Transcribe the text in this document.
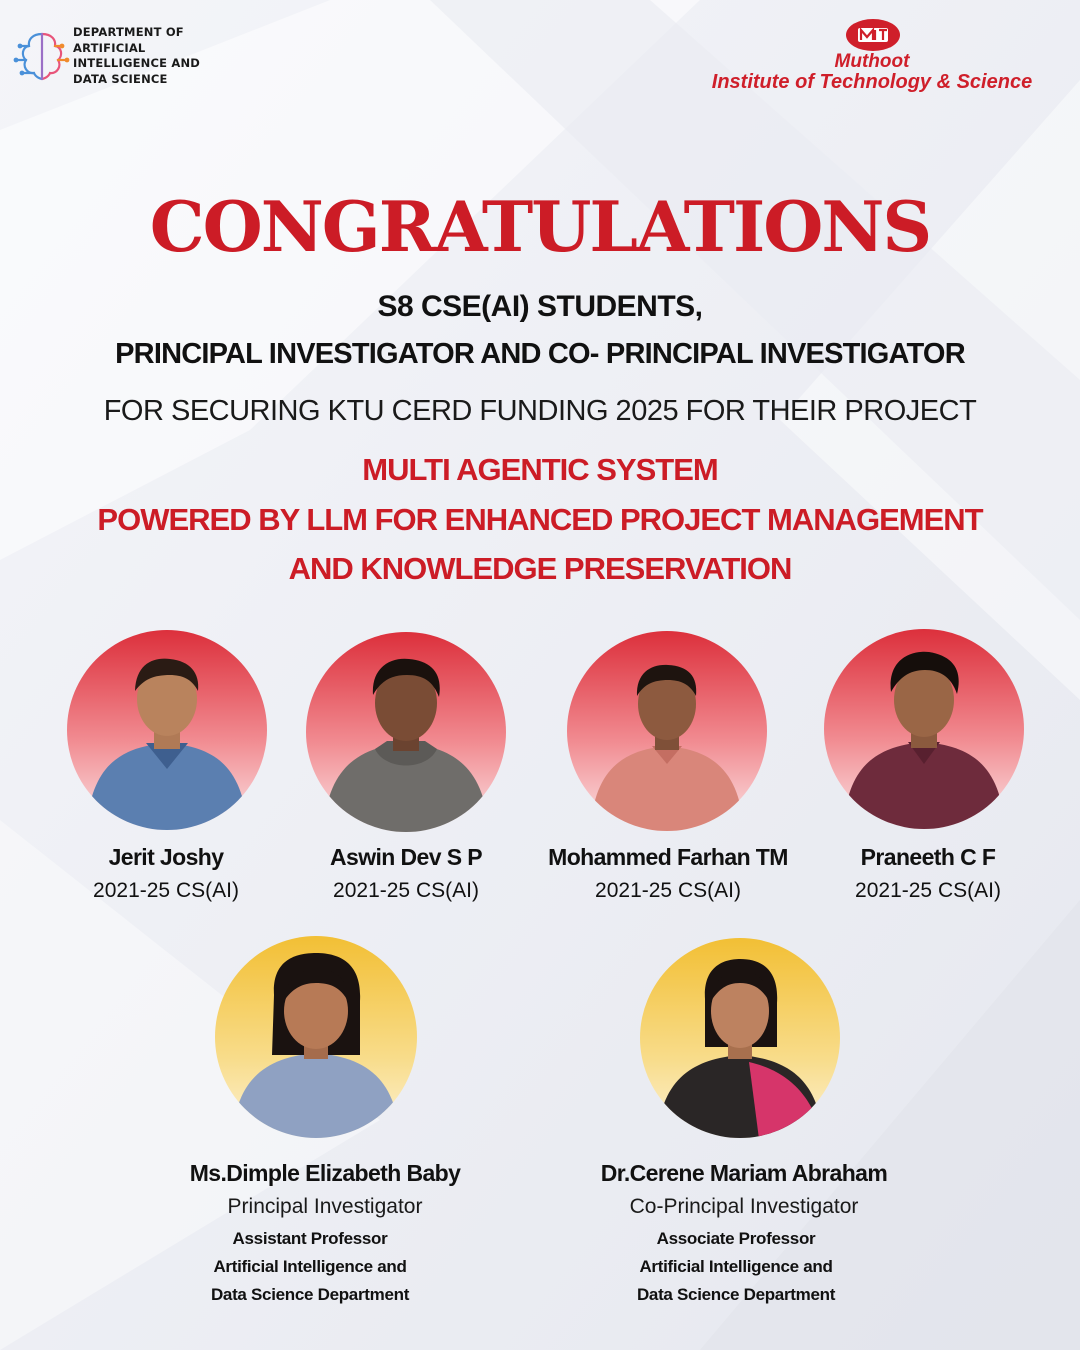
DEPARTMENT OF
ARTIFICIAL
INTELLIGENCE AND
DATA SCIENCE
Muthoot
Institute of Technology & Science
CONGRATULATIONS
S8 CSE(AI) STUDENTS,
PRINCIPAL INVESTIGATOR AND CO- PRINCIPAL INVESTIGATOR
FOR SECURING KTU CERD FUNDING 2025 FOR THEIR PROJECT
MULTI AGENTIC SYSTEM
POWERED BY LLM FOR ENHANCED PROJECT MANAGEMENT
AND KNOWLEDGE PRESERVATION
Jerit Joshy
2021-25 CS(AI)
Aswin Dev S P
2021-25 CS(AI)
Mohammed Farhan TM
2021-25 CS(AI)
Praneeth C F
2021-25 CS(AI)
Ms.Dimple Elizabeth Baby
Principal Investigator
Assistant Professor
Artificial Intelligence and
Data Science Department
Dr.Cerene Mariam Abraham
Co-Principal Investigator
Associate Professor
Artificial Intelligence and
Data Science Department
